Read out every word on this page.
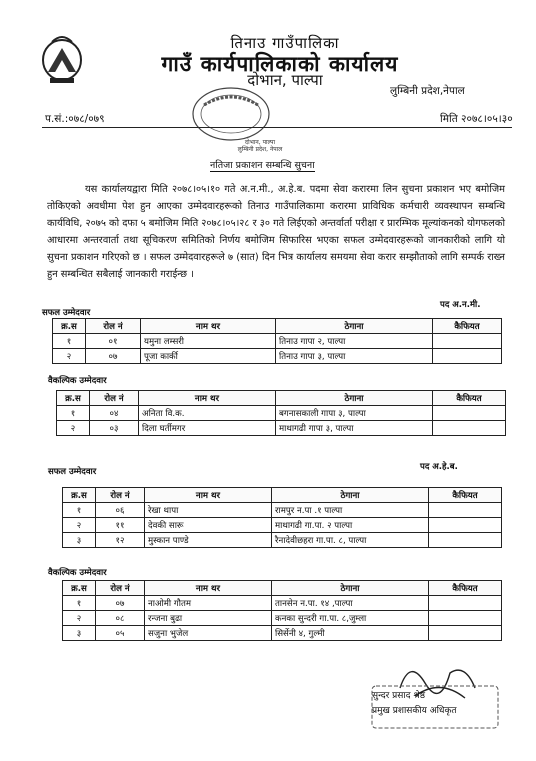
तिनाउ गाउँपालिका
गाउँ कार्यपालिकाको कार्यालय
दोभान, पाल्पा
लुम्बिनी प्रदेश,नेपाल
दोभान, पाल्पा
लुम्बिनी प्रदेश, नेपाल
प.सं.:०७८/०७९	मिति २०७८।०५।३०
नतिजा प्रकाशन सम्बन्धि सुचना
यस कार्यालयद्वारा मिति २०७८।०५।१० गते अ.न.मी., अ.हे.ब. पदमा सेवा करारमा लिन सुचना प्रकाशन भए बमोजिम तोकिएको अवधीमा पेश हुन आएका उम्मेदवारहरूको तिनाउ गाउँपालिकामा करारमा प्राविधिक कर्मचारी व्यवस्थापन सम्बन्धि कार्यविधि, २०७५ को दफा ५ बमोजिम मिति २०७८।०५।२८ र ३० गते लिईएको अन्तर्वार्ता परीक्षा र प्रारम्भिक मूल्यांकनको योगफलको आधारमा अन्तरवार्ता तथा सूचिकरण समितिको निर्णय बमोजिम सिफारिस भएका सफल उम्मेदवारहरूको जानकारीको लागि यो सुचना प्रकाशन गरिएको छ । सफल उम्मेदवारहरूले ७ (सात) दिन भित्र कार्यालय समयमा सेवा करार सम्झौताको लागि सम्पर्क राख्न हुन सम्बन्धित सबैलाई जानकारी गराईन्छ ।
सफल उम्मेदवार
पद अ.न.मी.
क्र.स	रोल नं	नाम थर	ठेगाना	कैफियत
१	०१	यमुना लम्सरी	तिनाउ गापा २, पाल्पा	
२	०७	पूजा कार्की	तिनाउ गापा ३, पाल्पा	
वैकल्पिक उम्मेदवार
क्र.स	रोल नं	नाम थर	ठेगाना	कैफियत
१	०४	अनिता वि.क.	बगनासकाली गापा ३, पाल्पा	
२	०३	दिला घर्तीमगर	माथागढी गापा ३, पाल्पा	
सफल उम्मेदवार	पद अ.हे.ब.
क्र.स	रोल नं	नाम थर	ठेगाना	कैफियत
१	०६	रेखा थापा	रामपुर न.पा .१ पाल्पा	
२	११	देवकी सारू	माथागढी गा.पा. २ पाल्पा	
३	१२	मुस्कान पाण्डे	रैनादेवीछहरा गा.पा. ८, पाल्पा	
वैकल्पिक उम्मेदवार
क्र.स	रोल नं	नाम थर	ठेगाना	कैफियत
१	०७	नाओमी गौतम	तानसेन न.पा. १४ ,पाल्पा	
२	०८	रन्जना बुढा	कनका सुन्दरी गा.पा. ८,जुम्ला	
३	०५	सजुना भुजेल	सिर्सेनी ४, गुल्मी	
सुन्दर प्रसाद श्रेष्ठ
प्रमुख प्रशासकीय अधिकृत
